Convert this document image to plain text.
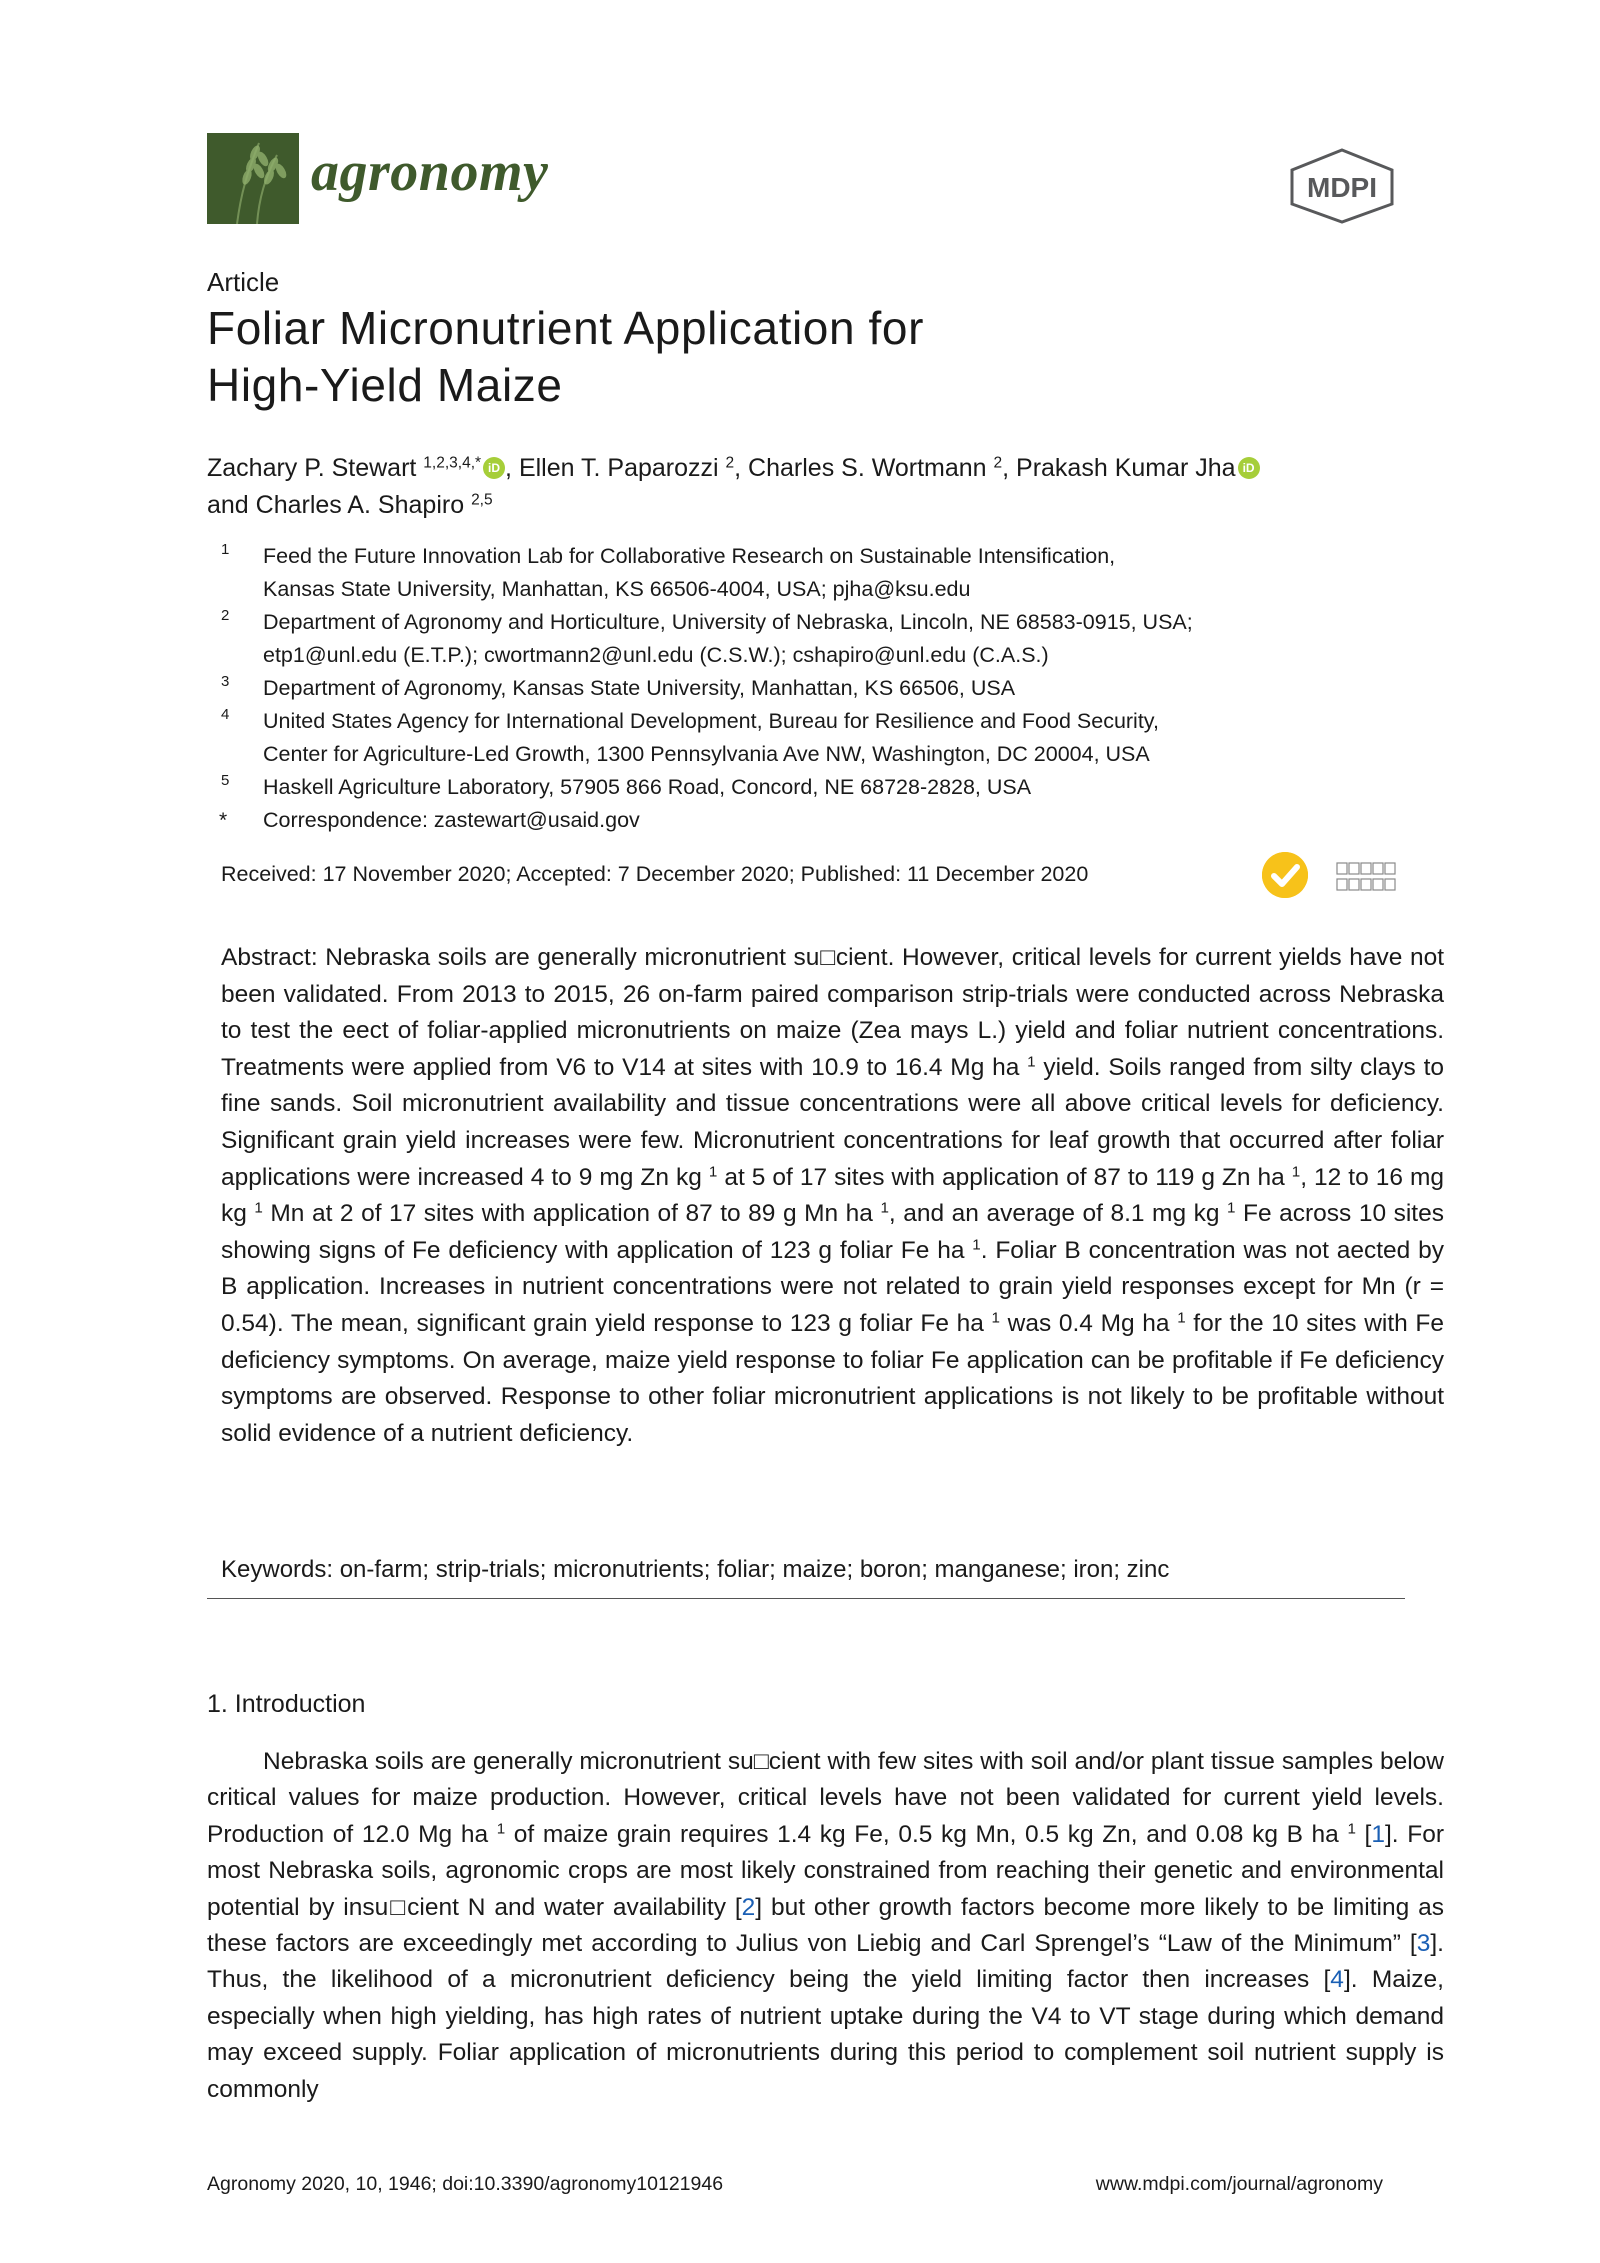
agronomy	MDPI
Article
Foliar Micronutrient Application for
High-Yield Maize
Zachary P. Stewart $^{1,2,3,4,*}$ iD , Ellen T. Paparozzi $^2$, Charles S. Wortmann $^2$, Prakash Kumar Jha iD
and Charles A. Shapiro $^{2,5}$
1 Feed the Future Innovation Lab for Collaborative Research on Sustainable Intensification,
Kansas State University, Manhattan, KS 66506-4004, USA; pjha@ksu.edu
2 Department of Agronomy and Horticulture, University of Nebraska, Lincoln, NE 68583-0915, USA;
etp1@unl.edu (E.T.P.); cwortmann2@unl.edu (C.S.W.); cshapiro@unl.edu (C.A.S.)
3 Department of Agronomy, Kansas State University, Manhattan, KS 66506, USA
4 United States Agency for International Development, Bureau for Resilience and Food Security,
Center for Agriculture-Led Growth, 1300 Pennsylvania Ave NW, Washington, DC 20004, USA
5 Haskell Agriculture Laboratory, 57905 866 Road, Concord, NE 68728-2828, USA
* Correspondence: zastewart@usaid.gov
Received: 17 November 2020; Accepted: 7 December 2020; Published: 11 December 2020
Abstract: Nebraska soils are generally micronutrient su□cient. However, critical levels for current yields have not been validated. From 2013 to 2015, 26 on-farm paired comparison strip-trials were conducted across Nebraska to test the eect of foliar-applied micronutrients on maize (Zea mays L.) yield and foliar nutrient concentrations. Treatments were applied from V6 to V14 at sites with 10.9 to 16.4 Mg ha $^1$ yield. Soils ranged from silty clays to fine sands. Soil micronutrient availability and tissue concentrations were all above critical levels for deficiency. Significant grain yield increases were few. Micronutrient concentrations for leaf growth that occurred after foliar applications were increased 4 to 9 mg Zn kg $^1$ at 5 of 17 sites with application of 87 to 119 g Zn ha $^1$, 12 to 16 mg kg $^1$ Mn at 2 of 17 sites with application of 87 to 89 g Mn ha $^1$, and an average of 8.1 mg kg $^1$ Fe across 10 sites showing signs of Fe deficiency with application of 123 g foliar Fe ha $^1$. Foliar B concentration was not aected by B application. Increases in nutrient concentrations were not related to grain yield responses except for Mn (r = 0.54). The mean, significant grain yield response to 123 g foliar Fe ha $^1$ was 0.4 Mg ha $^1$ for the 10 sites with Fe deficiency symptoms. On average, maize yield response to foliar Fe application can be profitable if Fe deficiency symptoms are observed. Response to other foliar micronutrient applications is not likely to be profitable without solid evidence of a nutrient deficiency.
Keywords: on-farm; strip-trials; micronutrients; foliar; maize; boron; manganese; iron; zinc
1. Introduction
Nebraska soils are generally micronutrient su□cient with few sites with soil and/or plant tissue samples below critical values for maize production. However, critical levels have not been validated for current yield levels. Production of 12.0 Mg ha $^1$ of maize grain requires 1.4 kg Fe, 0.5 kg Mn, 0.5 kg Zn, and 0.08 kg B ha $^1$ [1]. For most Nebraska soils, agronomic crops are most likely constrained from reaching their genetic and environmental potential by insu□cient N and water availability [2] but other growth factors become more likely to be limiting as these factors are exceedingly met according to Julius von Liebig and Carl Sprengel’s “Law of the Minimum” [3]. Thus, the likelihood of a micronutrient deficiency being the yield limiting factor then increases [4]. Maize, especially when high yielding, has high rates of nutrient uptake during the V4 to VT stage during which demand may exceed supply. Foliar application of micronutrients during this period to complement soil nutrient supply is commonly
Agronomy 2020, 10, 1946; doi:10.3390/agronomy10121946	www.mdpi.com/journal/agronomy
